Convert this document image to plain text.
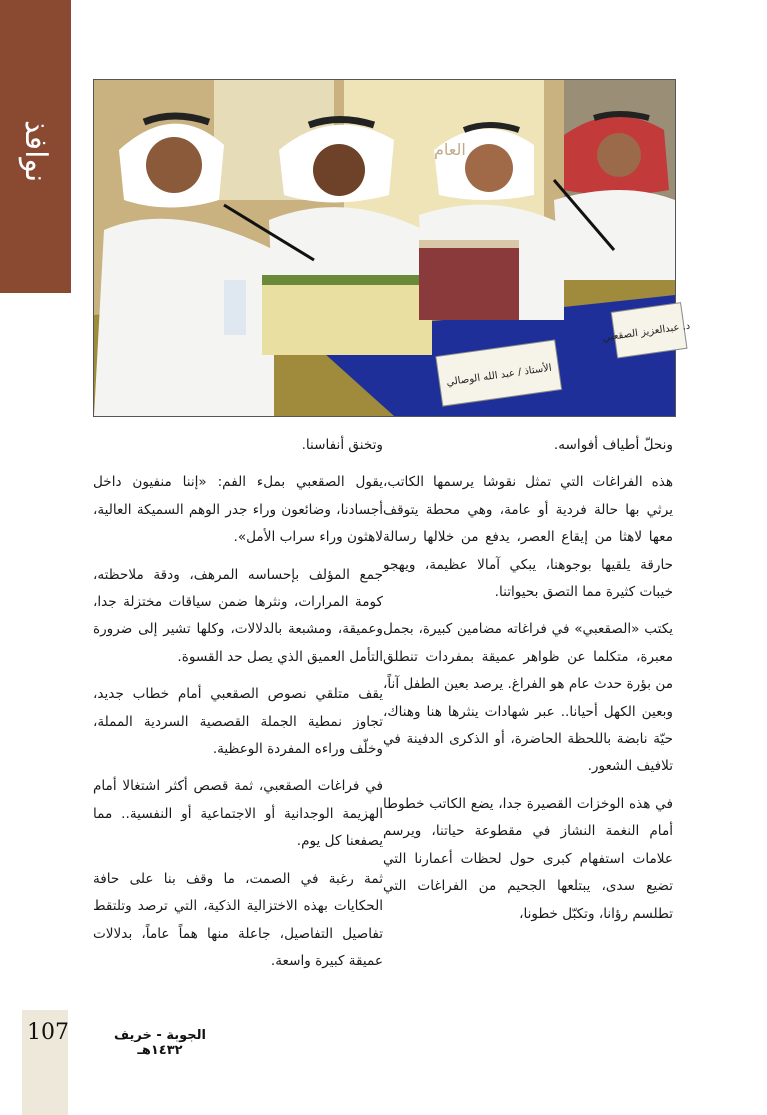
نوافذ
الأستاذ / عبد الله الوصالي
د. عبدالعزيز الصقعبي
العام

ونحلّ أطياف أفواسه.

هذه الفراغات التي تمثل نقوشا يرسمها الكاتب، يرثي بها حالة فردية أو عامة، وهي محطة يتوقف معها لاهثا من إيقاع العصر، يدفع من خلالها رسالة حارقة يلقيها بوجوهنا، يبكي آمالا عظيمة، ويهجو خيبات كثيرة مما التصق بحيواتنا.

يكتب «الصقعبي» في فراغاته مضامين كبيرة، بجمل معبرة، متكلما عن ظواهر عميقة بمفردات تنطلق من بؤرة حدث عام هو الفراغ. يرصد بعين الطفل آناً، وبعين الكهل أحيانا.. عبر شهادات ينثرها هنا وهناك، حيّة نابضة باللحظة الحاضرة، أو الذكرى الدفينة في تلافيف الشعور.

في هذه الوخزات القصيرة جدا، يضع الكاتب خطوطا أمام النغمة النشاز في مقطوعة حياتنا، ويرسم علامات استفهام كبرى حول لحظات أعمارنا التي تضيع سدى، يبتلعها الجحيم من الفراغات التي تطلسم رؤانا، وتكبّل خطونا،

وتخنق أنفاسنا.

يقول الصقعبي بملء الفم: «إننا منفيون داخل أجسادنا، وضائعون وراء جدر الوهم السميكة العالية، لاهثون وراء سراب الأمل».

جمع المؤلف بإحساسه المرهف، ودقة ملاحظته، كومة المرارات، ونثرها ضمن سياقات مختزلة جدا، وعميقة، ومشبعة بالدلالات، وكلها تشير إلى ضرورة التأمل العميق الذي يصل حد القسوة.

يقف متلقي نصوص الصقعبي أمام خطاب جديد، تجاوز نمطية الجملة القصصية السردية المملة، وخلّف وراءه المفردة الوعظية.

في فراغات الصقعبي، ثمة قصص أكثر اشتغالا أمام الهزيمة الوجدانية أو الاجتماعية أو النفسية.. مما يصفعنا كل يوم.

ثمة رغبة في الصمت، ما وقف بنا على حافة الحكايات بهذه الاختزالية الذكية، التي ترصد وتلتقط تفاصيل التفاصيل، جاعلة منها هماً عاماً، بدلالات عميقة كبيرة واسعة.

107	الجوبة - خريف ١٤٣٢هـ
